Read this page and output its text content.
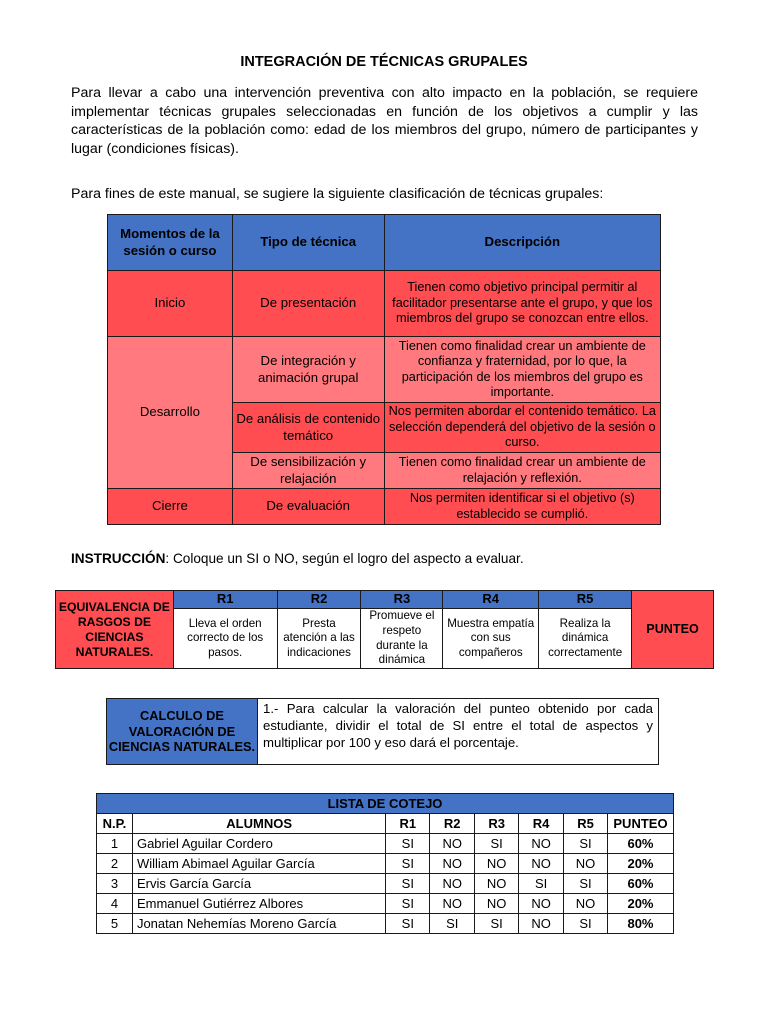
INTEGRACIÓN DE TÉCNICAS GRUPALES

Para llevar a cabo una intervención preventiva con alto impacto en la población, se requiere implementar técnicas grupales seleccionadas en función de los objetivos a cumplir y las características de la población como: edad de los miembros del grupo, número de participantes y lugar (condiciones físicas).

Para fines de este manual, se sugiere la siguiente clasificación de técnicas grupales:

Momentos de la sesión o curso	Tipo de técnica	Descripción
Inicio	De presentación	Tienen como objetivo principal permitir al facilitador presentarse ante el grupo, y que los miembros del grupo se conozcan entre ellos.
Desarrollo	De integración y animación grupal	Tienen como finalidad crear un ambiente de confianza y fraternidad, por lo que, la participación de los miembros del grupo es importante.
	De análisis de contenido temático	Nos permiten abordar el contenido temático. La selección dependerá del objetivo de la sesión o curso.
	De sensibilización y relajación	Tienen como finalidad crear un ambiente de relajación y reflexión.
Cierre	De evaluación	Nos permiten identificar si el objetivo (s) establecido se cumplió.
INSTRUCCIÓN: Coloque un SI o NO, según el logro del aspecto a evaluar.
EQUIVALENCIA DE RASGOS DE CIENCIAS NATURALES.	R1	R2	R3	R4	R5	PUNTEO
	Lleva el orden correcto de los pasos.	Presta atención a las indicaciones	Promueve el respeto durante la dinámica	Muestra empatía con sus compañeros	Realiza la dinámica correctamente	
CALCULO DE VALORACIÓN DE CIENCIAS NATURALES.	1.- Para calcular la valoración del punteo obtenido por cada estudiante, dividir el total de SI entre el total de aspectos y multiplicar por 100 y eso dará el porcentaje.
LISTA DE COTEJO							
N.P.	ALUMNOS	R1	R2	R3	R4	R5	PUNTEO
1	Gabriel Aguilar Cordero	SI	NO	SI	NO	SI	60%
2	William Abimael Aguilar García	SI	NO	NO	NO	NO	20%
3	Ervis García García	SI	NO	NO	SI	SI	60%
4	Emmanuel Gutiérrez Albores	SI	NO	NO	NO	NO	20%
5	Jonatan Nehemías Moreno García	SI	SI	SI	NO	SI	80%
